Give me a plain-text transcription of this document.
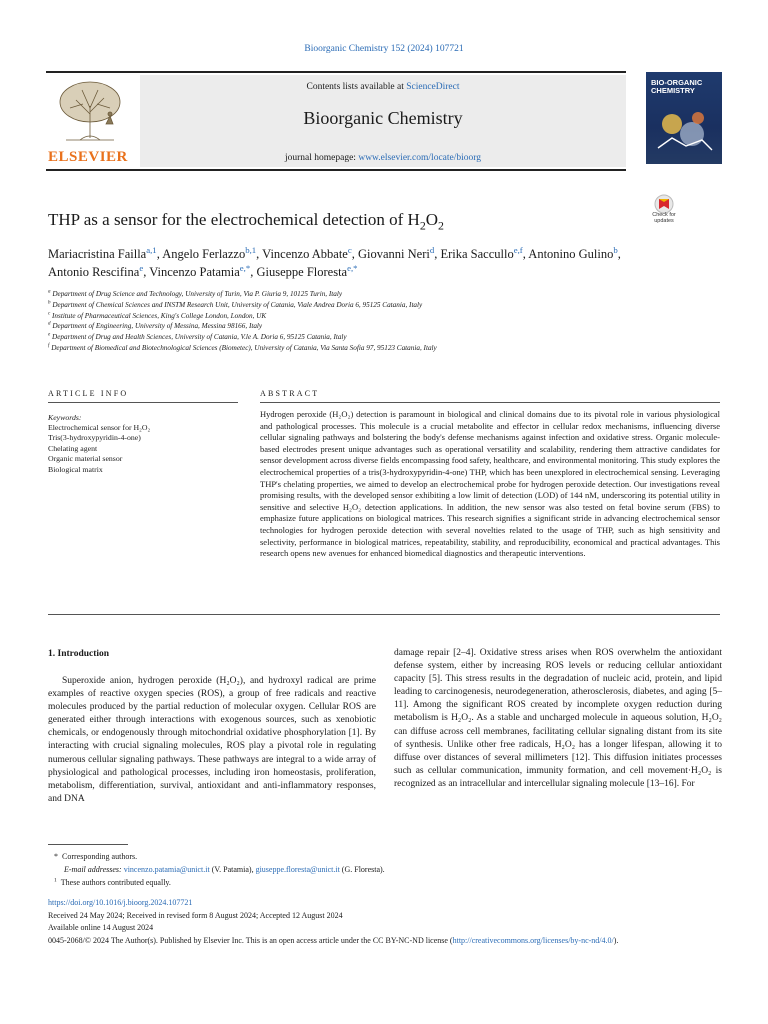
Bioorganic Chemistry 152 (2024) 107721
Contents lists available at ScienceDirect
Bioorganic Chemistry
journal homepage: www.elsevier.com/locate/bioorg
ELSEVIER
BIO-ORGANIC
CHEMISTRY
Check for updates
THP as a sensor for the electrochemical detection of $H_2O_2$
Mariacristina Failla$^{a,1}$, Angelo Ferlazzo$^{b,1}$, Vincenzo Abbate$^c$, Giovanni Neri$^d$, Erika Saccullo$^{e,f}$, Antonino Gulino$^b$, Antonio Rescifina$^e$, Vincenzo Patamia$^{e,*}$, Giuseppe Floresta$^{e,*}$
$^a$ Department of Drug Science and Technology, University of Turin, Via P. Giuria 9, 10125 Turin, Italy
$^b$ Department of Chemical Sciences and INSTM Research Unit, University of Catania, Viale Andrea Doria 6, 95125 Catania, Italy
$^c$ Institute of Pharmaceutical Sciences, King's College London, London, UK
$^d$ Department of Engineering, University of Messina, Messina 98166, Italy
$^e$ Department of Drug and Health Sciences, University of Catania, V.le A. Doria 6, 95125 Catania, Italy
$^f$ Department of Biomedical and Biotechnological Sciences (Biometec), University of Catania, Via Santa Sofia 97, 95123 Catania, Italy
ARTICLE INFO
Keywords:
Electrochemical sensor for H₂O₂
Tris(3-hydroxypyridin-4-one)
Chelating agent
Organic material sensor
Biological matrix
ABSTRACT
Hydrogen peroxide (H₂O₂) detection is paramount in biological and clinical domains due to its pivotal role in various physiological and pathological processes. This molecule is a crucial metabolite and effector in cellular redox mechanisms, influencing diverse cellular signaling pathways and bolstering the body's defense mechanisms against infection and oxidative stress. Organic molecule-based electrodes present unique advantages such as operational versatility and scalability, rendering them attractive candidates for sensor development across diverse fields encompassing food safety, healthcare, and environmental monitoring. This study explores the electrochemical properties of a tris(3-hydroxypyridin-4-one) THP, which has been unexplored in electrochemical sensing. Leveraging THP's chelating properties, we aimed to develop an electrochemical probe for hydrogen peroxide detection. Our investigations reveal promising results, with the developed sensor exhibiting a low limit of detection (LOD) of 144 nM, underscoring its potential utility in sensitive and selective H₂O₂ detection applications. In addition, the new sensor was also tested on fetal bovine serum (FBS) to emphasize future applications on biological matrices. This research signifies a significant stride in advancing electrochemical sensor technologies for hydrogen peroxide detection with several novelties related to the usage of THP, such as high sensitivity and selectivity, performance in biological matrices, repeatability, stability, and reproducibility, economical and practical advantages. This research opens new avenues for enhanced biomedical diagnostics and therapeutic interventions.
1. Introduction
Superoxide anion, hydrogen peroxide (H₂O₂), and hydroxyl radical are prime examples of reactive oxygen species (ROS), a group of free radicals and reactive molecules produced by the partial reduction of molecular oxygen. Cellular ROS are generated either through interactions with exogenous sources, such as xenobiotic chemicals, or endogenously through mitochondrial oxidative phosphorylation [1]. By interacting with crucial signaling molecules, ROS play a pivotal role in regulating numerous cellular signaling pathways. These pathways are integral to a wide array of physiological and pathological processes, including iron homeostasis, proliferation, metabolism, differentiation, survival, antioxidant and anti-inflammatory responses, and DNA
damage repair [2–4]. Oxidative stress arises when ROS overwhelm the antioxidant defense system, either by increasing ROS levels or reducing cellular antioxidant capacity [5]. This stress results in the degradation of nucleic acid, protein, and lipid leading to carcinogenesis, neurodegeneration, atherosclerosis, diabetes, and aging [5–11]. Among the significant ROS created by incomplete oxygen reduction during metabolism is H₂O₂. As a stable and uncharged molecule in aqueous solution, H₂O₂ can diffuse across cell membranes, facilitating cellular signaling distant from its site of synthesis. Unlike other free radicals, H₂O₂ has a longer lifespan, allowing it to diffuse over distances of several millimeters [12]. This diffusion initiates processes such as cellular communication, immunity formation, and cell movement·H₂O₂ is recognized as an intracellular and intercellular signaling molecule [13–16]. For
* Corresponding authors.
E-mail addresses: vincenzo.patamia@unict.it (V. Patamia), giuseppe.floresta@unict.it (G. Floresta).
$^1$ These authors contributed equally.
https://doi.org/10.1016/j.bioorg.2024.107721
Received 24 May 2024; Received in revised form 8 August 2024; Accepted 12 August 2024
Available online 14 August 2024
0045-2068/© 2024 The Author(s). Published by Elsevier Inc. This is an open access article under the CC BY-NC-ND license (http://creativecommons.org/licenses/by-nc-nd/4.0/).
